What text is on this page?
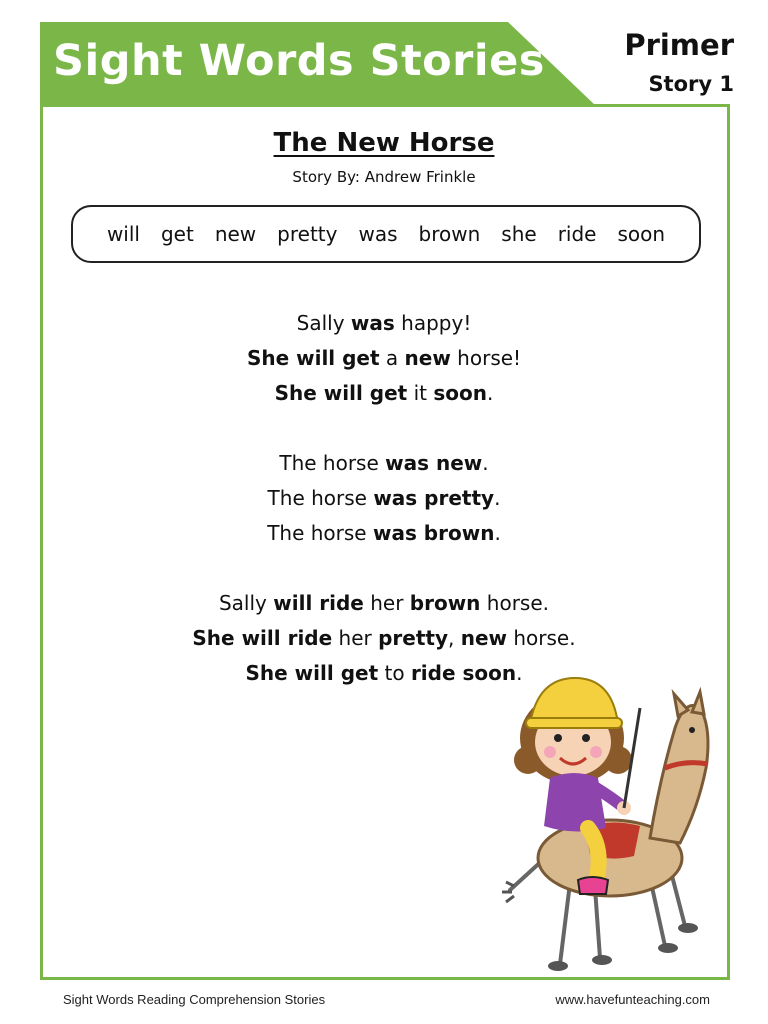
Sight Words Stories	Primer
Story 1
The New Horse
Story By: Andrew Frinkle
will get new pretty was brown she ride soon
Sally was happy!
She will get a new horse!
She will get it soon.
The horse was new.
The horse was pretty.
The horse was brown.
Sally will ride her brown horse.
She will ride her pretty, new horse.
She will get to ride soon.
Sight Words Reading Comprehension Stories	www.havefunteaching.com
